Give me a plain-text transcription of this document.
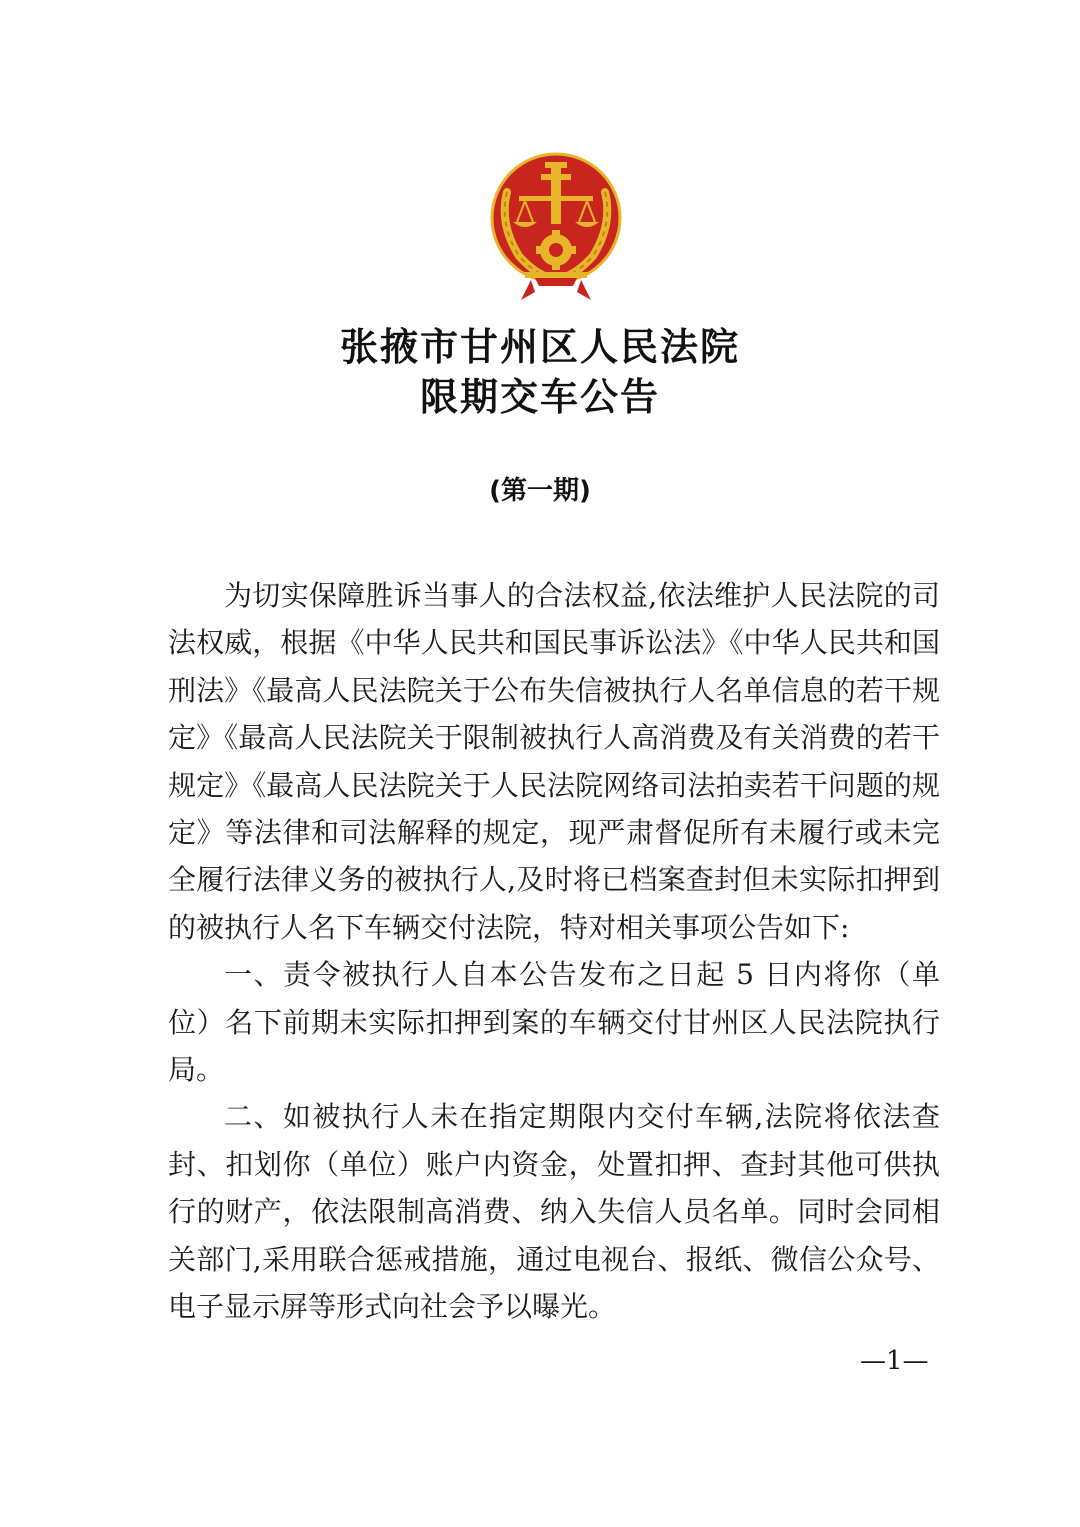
张掖市甘州区人民法院
限期交车公告
(第一期)

为切实保障胜诉当事人的合法权益,依法维护人民法院的司法权威，根据《中华人民共和国民事诉讼法》《中华人民共和国刑法》《最高人民法院关于公布失信被执行人名单信息的若干规定》《最高人民法院关于限制被执行人高消费及有关消费的若干规定》《最高人民法院关于人民法院网络司法拍卖若干问题的规定》等法律和司法解释的规定，现严肃督促所有未履行或未完全履行法律义务的被执行人,及时将已档案查封但未实际扣押到的被执行人名下车辆交付法院，特对相关事项公告如下:

一、责令被执行人自本公告发布之日起 5 日内将你（单位）名下前期未实际扣押到案的车辆交付甘州区人民法院执行局。

二、如被执行人未在指定期限内交付车辆,法院将依法查封、扣划你（单位）账户内资金，处置扣押、查封其他可供执行的财产，依法限制高消费、纳入失信人员名单。同时会同相关部门,采用联合惩戒措施，通过电视台、报纸、微信公众号、电子显示屏等形式向社会予以曝光。

—1—
